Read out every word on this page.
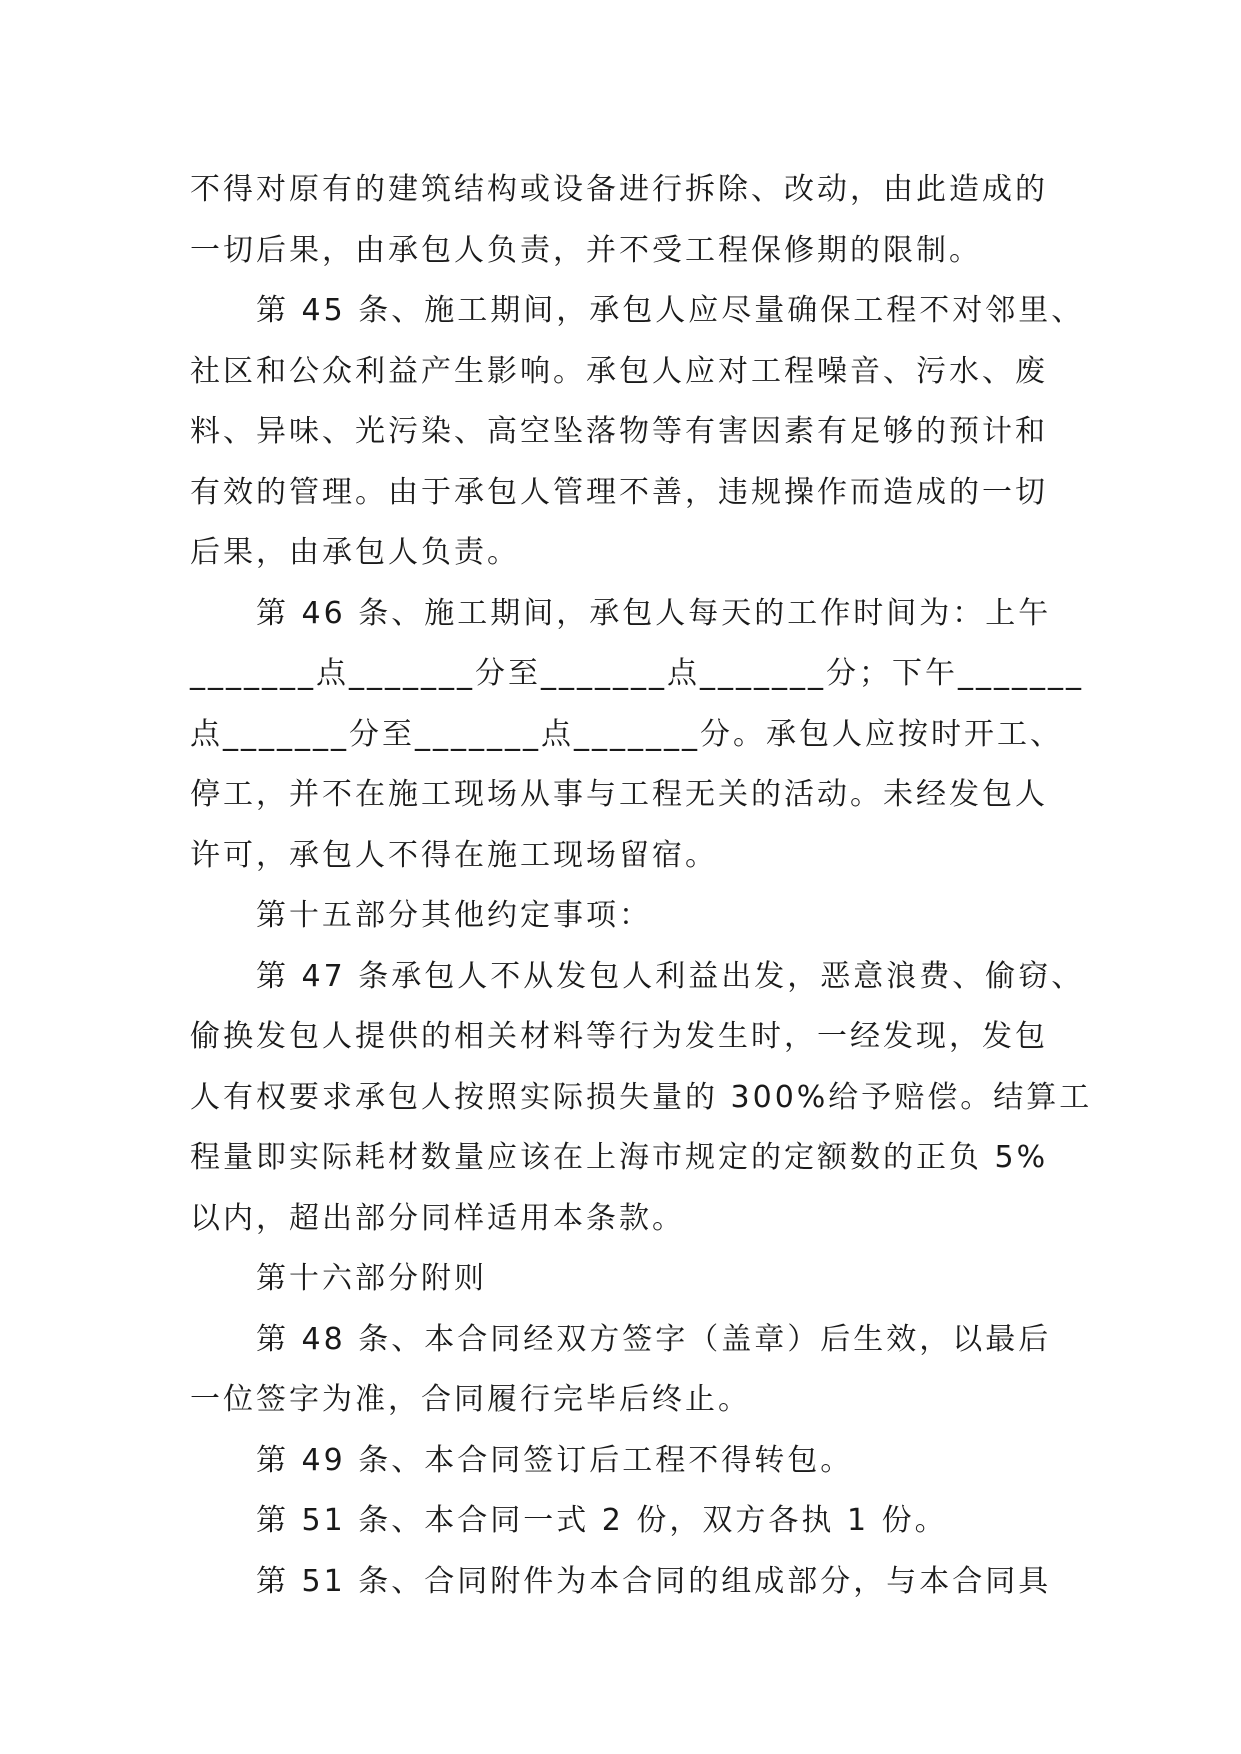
不得对原有的建筑结构或设备进行拆除、改动，由此造成的
一切后果，由承包人负责，并不受工程保修期的限制。
第 45 条、施工期间，承包人应尽量确保工程不对邻里、
社区和公众利益产生影响。承包人应对工程噪音、污水、废
料、异味、光污染、高空坠落物等有害因素有足够的预计和
有效的管理。由于承包人管理不善，违规操作而造成的一切
后果，由承包人负责。
第 46 条、施工期间，承包人每天的工作时间为：上午
_______点_______分至_______点_______分；下午_______
点_______分至_______点_______分。承包人应按时开工、
停工，并不在施工现场从事与工程无关的活动。未经发包人
许可，承包人不得在施工现场留宿。
第十五部分其他约定事项：
第 47 条承包人不从发包人利益出发，恶意浪费、偷窃、
偷换发包人提供的相关材料等行为发生时，一经发现，发包
人有权要求承包人按照实际损失量的 300%给予赔偿。结算工
程量即实际耗材数量应该在上海市规定的定额数的正负 5%
以内，超出部分同样适用本条款。
第十六部分附则
第 48 条、本合同经双方签字（盖章）后生效，以最后
一位签字为准，合同履行完毕后终止。
第 49 条、本合同签订后工程不得转包。
第 51 条、本合同一式 2 份，双方各执 1 份。
第 51 条、合同附件为本合同的组成部分，与本合同具
